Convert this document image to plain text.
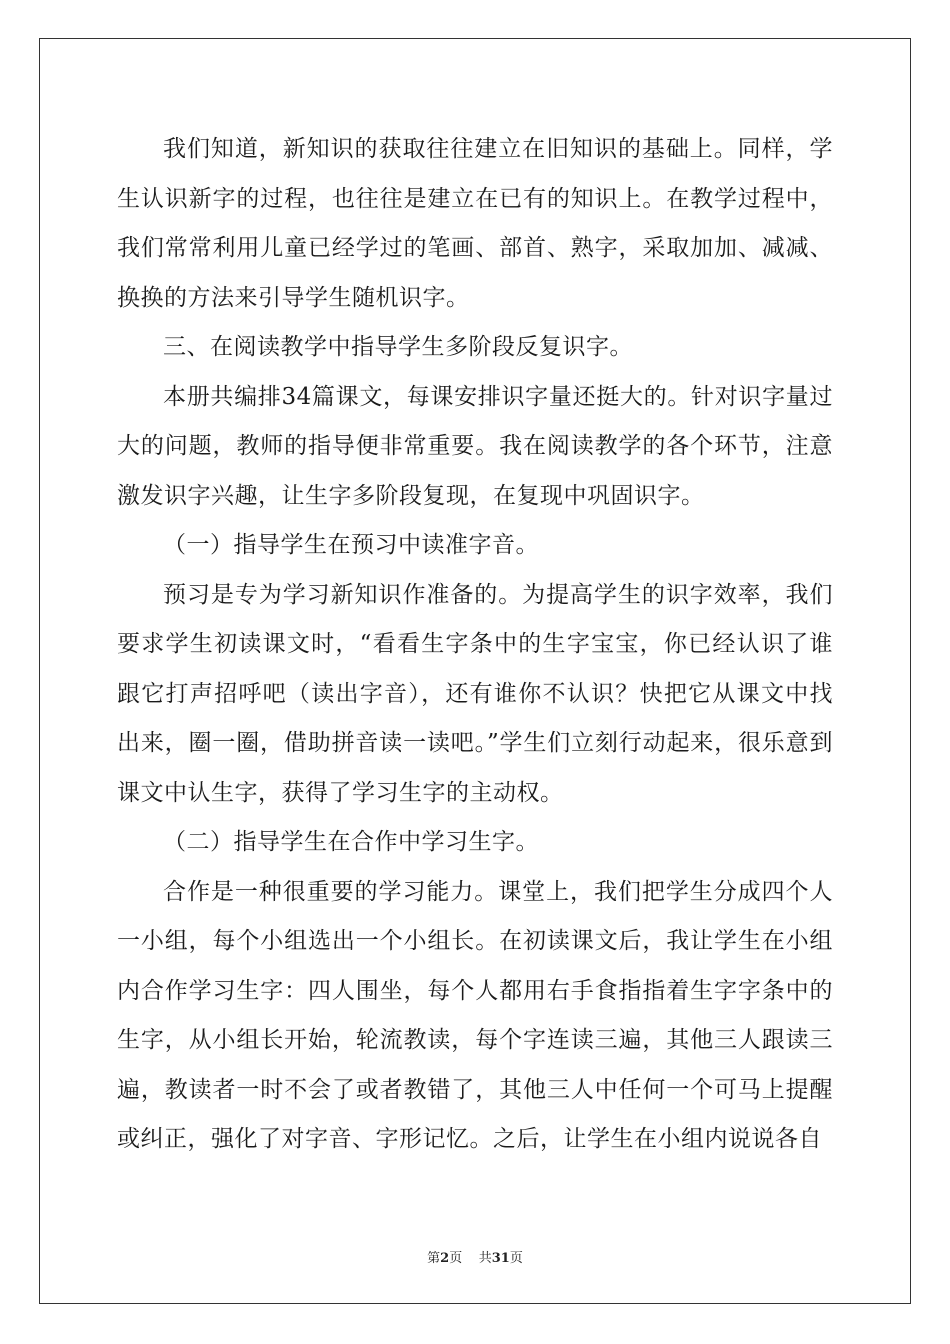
我们知道，新知识的获取往往建立在旧知识的基础上。同样，学生认识新字的过程，也往往是建立在已有的知识上。在教学过程中，我们常常利用儿童已经学过的笔画、部首、熟字，采取加加、减减、换换的方法来引导学生随机识字。

三、在阅读教学中指导学生多阶段反复识字。

本册共编排34篇课文，每课安排识字量还挺大的。针对识字量过大的问题，教师的指导便非常重要。我在阅读教学的各个环节，注意激发识字兴趣，让生字多阶段复现，在复现中巩固识字。

（一）指导学生在预习中读准字音。

预习是专为学习新知识作准备的。为提高学生的识字效率，我们要求学生初读课文时，“看看生字条中的生字宝宝，你已经认识了谁跟它打声招呼吧（读出字音），还有谁你不认识？快把它从课文中找出来，圈一圈，借助拼音读一读吧。”学生们立刻行动起来，很乐意到课文中认生字，获得了学习生字的主动权。

（二）指导学生在合作中学习生字。

合作是一种很重要的学习能力。课堂上，我们把学生分成四个人一小组，每个小组选出一个小组长。在初读课文后，我让学生在小组内合作学习生字：四人围坐，每个人都用右手食指指着生字字条中的生字，从小组长开始，轮流教读，每个字连读三遍，其他三人跟读三遍，教读者一时不会了或者教错了，其他三人中任何一个可马上提醒或纠正，强化了对字音、字形记忆。之后，让学生在小组内说说各自

第2页 共31页
